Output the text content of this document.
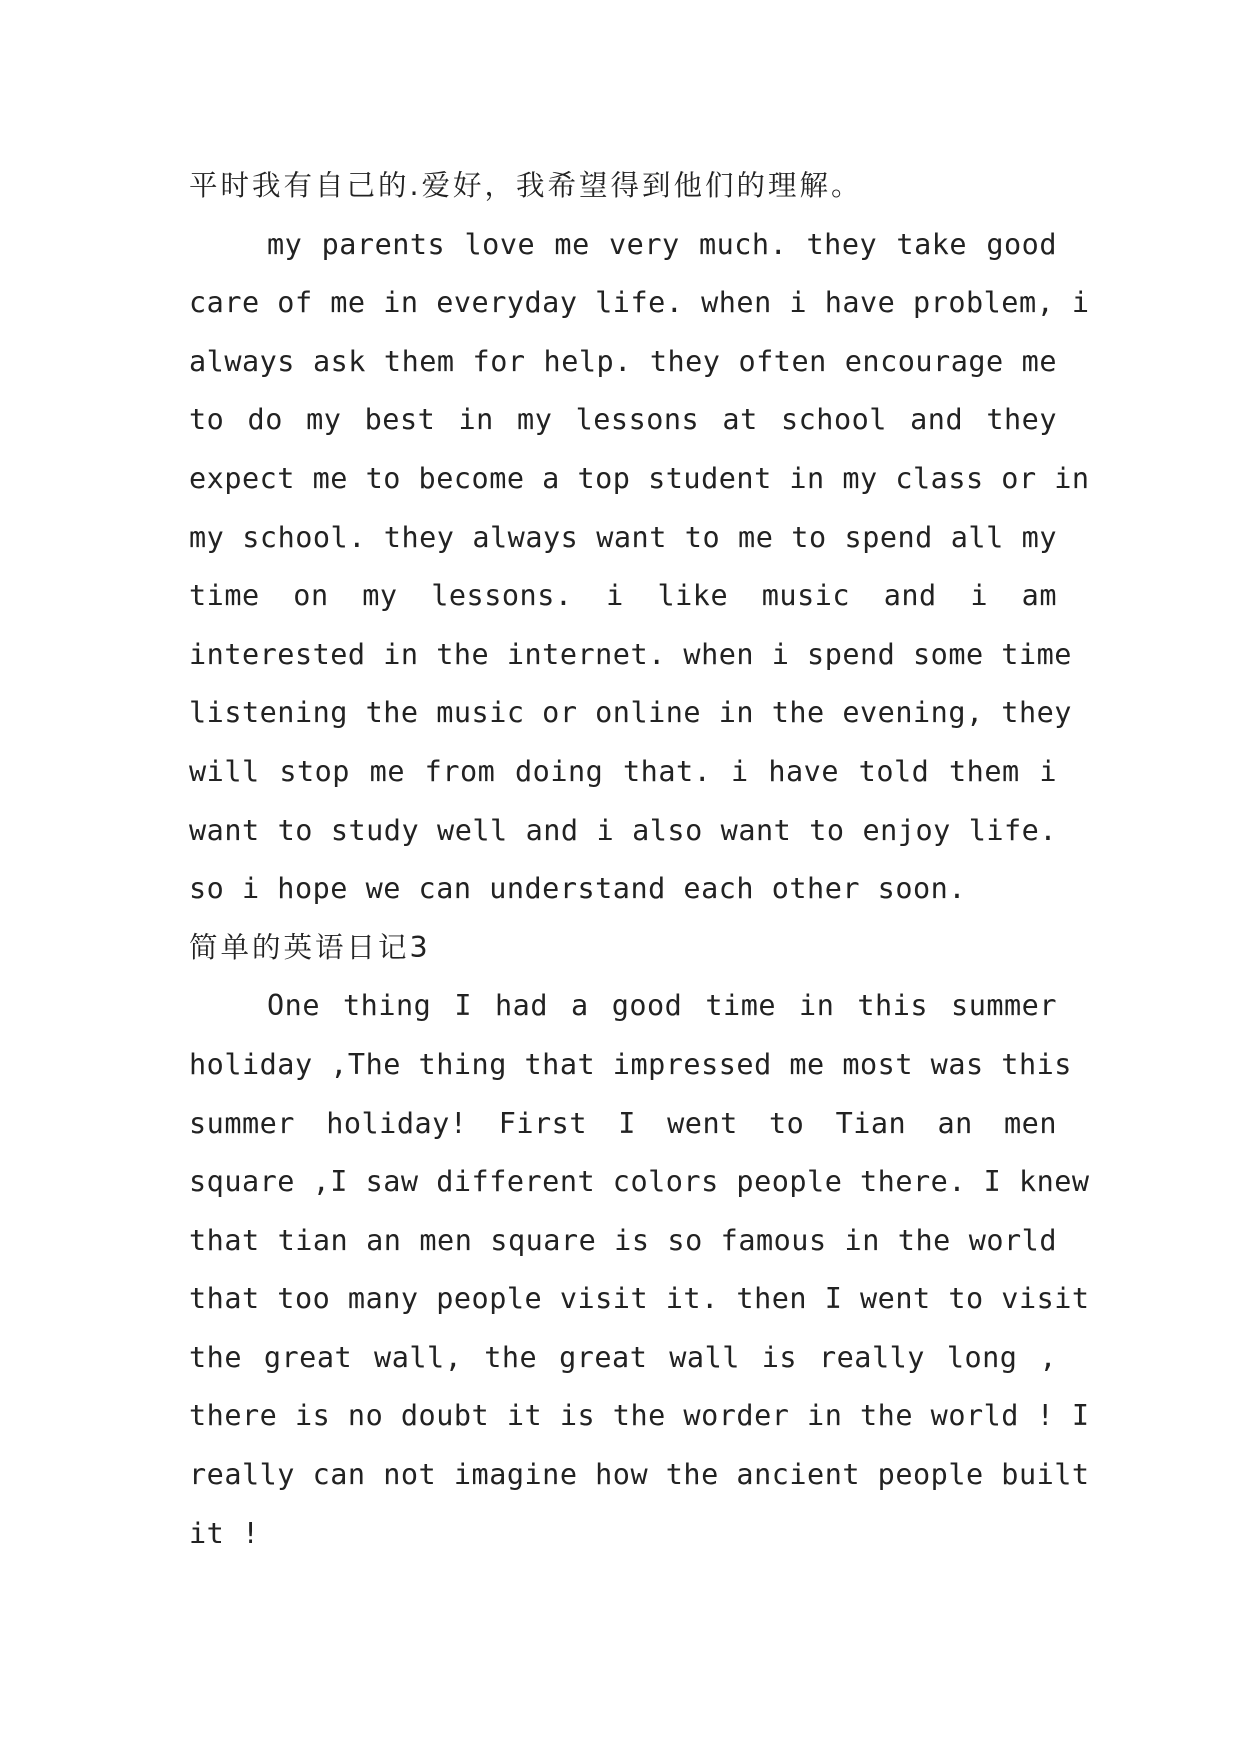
平时我有自己的.爱好，我希望得到他们的理解。
my parents love me very much. they take good
care of me in everyday life. when i have problem, i
always ask them for help. they often encourage me
to do my best in my lessons at school and they
expect me to become a top student in my class or in
my school. they always want to me to spend all my
time on my lessons. i like music and i am
interested in the internet. when i spend some time
listening the music or online in the evening, they
will stop me from doing that. i have told them i
want to study well and i also want to enjoy life.
so i hope we can understand each other soon.
简单的英语日记3
One thing I had a good time in this summer
holiday ,The thing that impressed me most was this
summer holiday! First I went to Tian an men
square ,I saw different colors people there. I knew
that tian an men square is so famous in the world
that too many people visit it. then I went to visit
the great wall, the great wall is really long ,
there is no doubt it is the worder in the world ! I
really can not imagine how the ancient people built
it !
